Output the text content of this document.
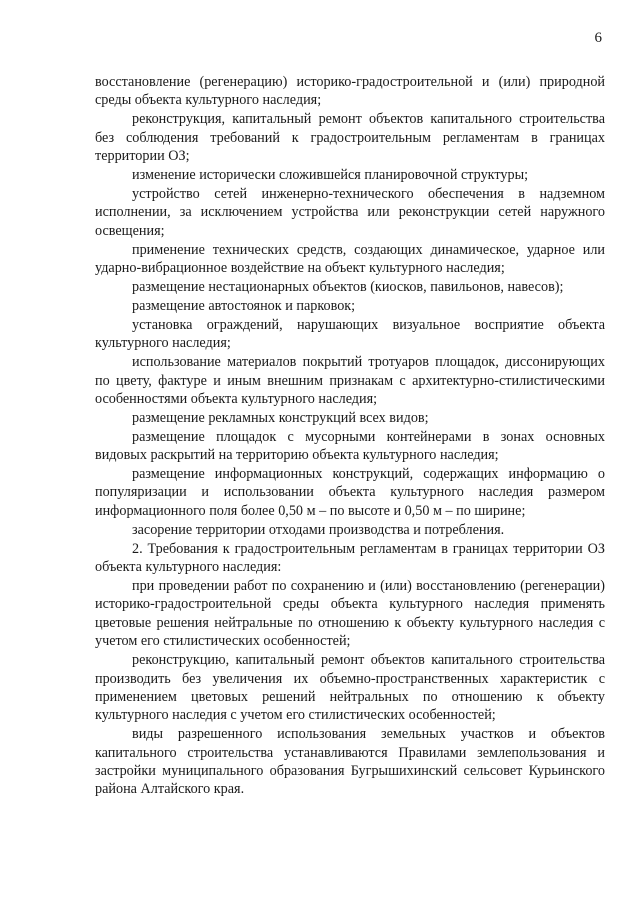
6

восстановление (регенерацию) историко-градостроительной и (или) природной среды объекта культурного наследия;

реконструкция, капитальный ремонт объектов капитального строительства без соблюдения требований к градостроительным регламентам в границах территории ОЗ;

изменение исторически сложившейся планировочной структуры;

устройство сетей инженерно-технического обеспечения в надземном исполнении, за исключением устройства или реконструкции сетей наружного освещения;

применение технических средств, создающих динамическое, ударное или ударно-вибрационное воздействие на объект культурного наследия;

размещение нестационарных объектов (киосков, павильонов, навесов);

размещение автостоянок и парковок;

установка ограждений, нарушающих визуальное восприятие объекта культурного наследия;

использование материалов покрытий тротуаров площадок, диссонирующих по цвету, фактуре и иным внешним признакам с архитектурно-стилистическими особенностями объекта культурного наследия;

размещение рекламных конструкций всех видов;

размещение площадок с мусорными контейнерами в зонах основных видовых раскрытий на территорию объекта культурного наследия;

размещение информационных конструкций, содержащих информацию о популяризации и использовании объекта культурного наследия размером информационного поля более 0,50 м – по высоте и 0,50 м – по ширине;

засорение территории отходами производства и потребления.

2. Требования к градостроительным регламентам в границах территории ОЗ объекта культурного наследия:

при проведении работ по сохранению и (или) восстановлению (регенерации) историко-градостроительной среды объекта культурного наследия применять цветовые решения нейтральные по отношению к объекту культурного наследия с учетом его стилистических особенностей;

реконструкцию, капитальный ремонт объектов капитального строительства производить без увеличения их объемно-пространственных характеристик с применением цветовых решений нейтральных по отношению к объекту культурного наследия с учетом его стилистических особенностей;

виды разрешенного использования земельных участков и объектов капитального строительства устанавливаются Правилами землепользования и застройки муниципального образования Бугрышихинский сельсовет Курьинского района Алтайского края.
